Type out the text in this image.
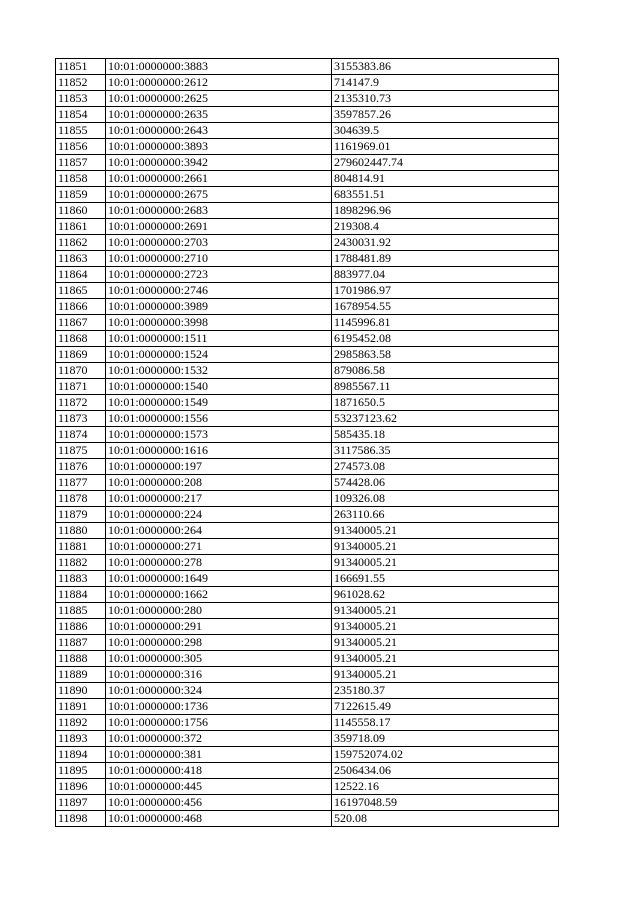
11851	10:01:0000000:3883	3155383.86
11852	10:01:0000000:2612	714147.9
11853	10:01:0000000:2625	2135310.73
11854	10:01:0000000:2635	3597857.26
11855	10:01:0000000:2643	304639.5
11856	10:01:0000000:3893	1161969.01
11857	10:01:0000000:3942	279602447.74
11858	10:01:0000000:2661	804814.91
11859	10:01:0000000:2675	683551.51
11860	10:01:0000000:2683	1898296.96
11861	10:01:0000000:2691	219308.4
11862	10:01:0000000:2703	2430031.92
11863	10:01:0000000:2710	1788481.89
11864	10:01:0000000:2723	883977.04
11865	10:01:0000000:2746	1701986.97
11866	10:01:0000000:3989	1678954.55
11867	10:01:0000000:3998	1145996.81
11868	10:01:0000000:1511	6195452.08
11869	10:01:0000000:1524	2985863.58
11870	10:01:0000000:1532	879086.58
11871	10:01:0000000:1540	8985567.11
11872	10:01:0000000:1549	1871650.5
11873	10:01:0000000:1556	53237123.62
11874	10:01:0000000:1573	585435.18
11875	10:01:0000000:1616	3117586.35
11876	10:01:0000000:197	274573.08
11877	10:01:0000000:208	574428.06
11878	10:01:0000000:217	109326.08
11879	10:01:0000000:224	263110.66
11880	10:01:0000000:264	91340005.21
11881	10:01:0000000:271	91340005.21
11882	10:01:0000000:278	91340005.21
11883	10:01:0000000:1649	166691.55
11884	10:01:0000000:1662	961028.62
11885	10:01:0000000:280	91340005.21
11886	10:01:0000000:291	91340005.21
11887	10:01:0000000:298	91340005.21
11888	10:01:0000000:305	91340005.21
11889	10:01:0000000:316	91340005.21
11890	10:01:0000000:324	235180.37
11891	10:01:0000000:1736	7122615.49
11892	10:01:0000000:1756	1145558.17
11893	10:01:0000000:372	359718.09
11894	10:01:0000000:381	159752074.02
11895	10:01:0000000:418	2506434.06
11896	10:01:0000000:445	12522.16
11897	10:01:0000000:456	16197048.59
11898	10:01:0000000:468	520.08
